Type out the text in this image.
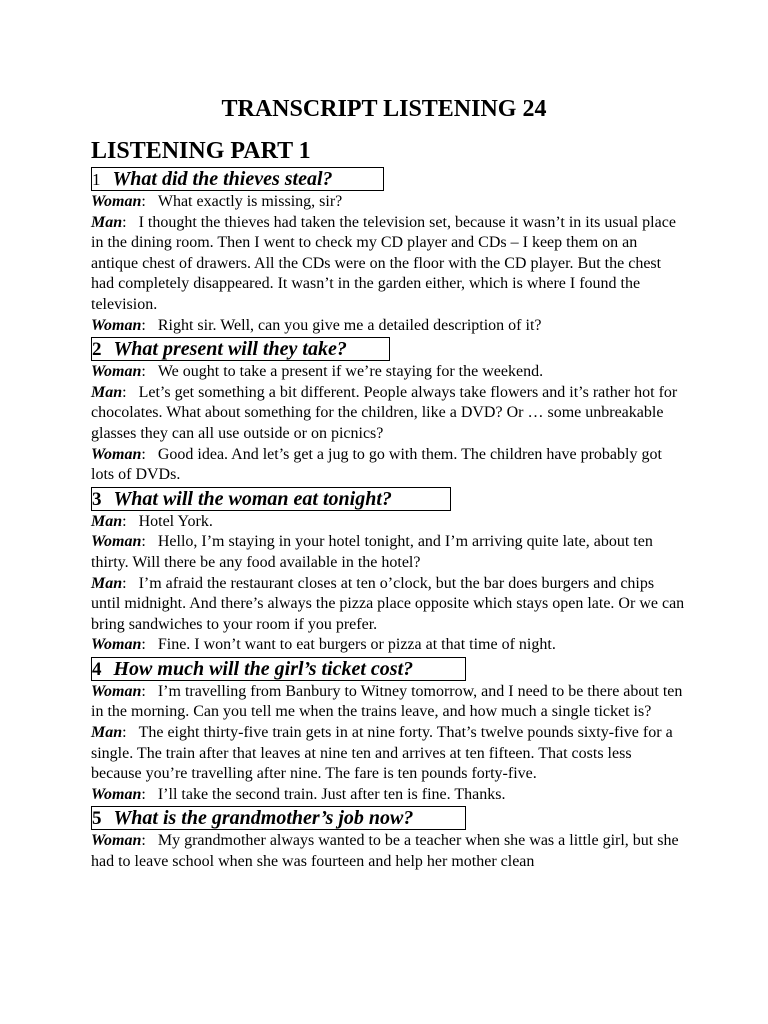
TRANSCRIPT LISTENING 24
LISTENING PART 1
1 What did the thieves steal?

Woman:   What exactly is missing, sir?

Man:   I thought the thieves had taken the television set, because it wasn’t in its usual place in the dining room. Then I went to check my CD player and CDs – I keep them on an antique chest of drawers. All the CDs were on the floor with the CD player. But the chest had completely disappeared. It wasn’t in the garden either, which is where I found the television.

Woman:   Right sir. Well, can you give me a detailed description of it?

2 What present will they take?

Woman:   We ought to take a present if we’re staying for the weekend.

Man:   Let’s get something a bit different. People always take flowers and it’s rather hot for chocolates. What about something for the children, like a DVD? Or … some unbreakable glasses they can all use outside or on picnics?

Woman:   Good idea. And let’s get a jug to go with them. The children have probably got lots of DVDs.

3 What will the woman eat tonight?

Man:   Hotel York.

Woman:   Hello, I’m staying in your hotel tonight, and I’m arriving quite late, about ten thirty. Will there be any food available in the hotel?

Man:   I’m afraid the restaurant closes at ten o’clock, but the bar does burgers and chips until midnight. And there’s always the pizza place opposite which stays open late. Or we can bring sandwiches to your room if you prefer.

Woman:   Fine. I won’t want to eat burgers or pizza at that time of night.

4 How much will the girl’s ticket cost?

Woman:   I’m travelling from Banbury to Witney tomorrow, and I need to be there about ten in the morning. Can you tell me when the trains leave, and how much a single ticket is?

Man:   The eight thirty-five train gets in at nine forty. That’s twelve pounds sixty-five for a single. The train after that leaves at nine ten and arrives at ten fifteen. That costs less because you’re travelling after nine. The fare is ten pounds forty-five.

Woman:   I’ll take the second train. Just after ten is fine. Thanks.

5 What is the grandmother’s job now?

Woman:   My grandmother always wanted to be a teacher when she was a little girl, but she had to leave school when she was fourteen and help her mother clean
